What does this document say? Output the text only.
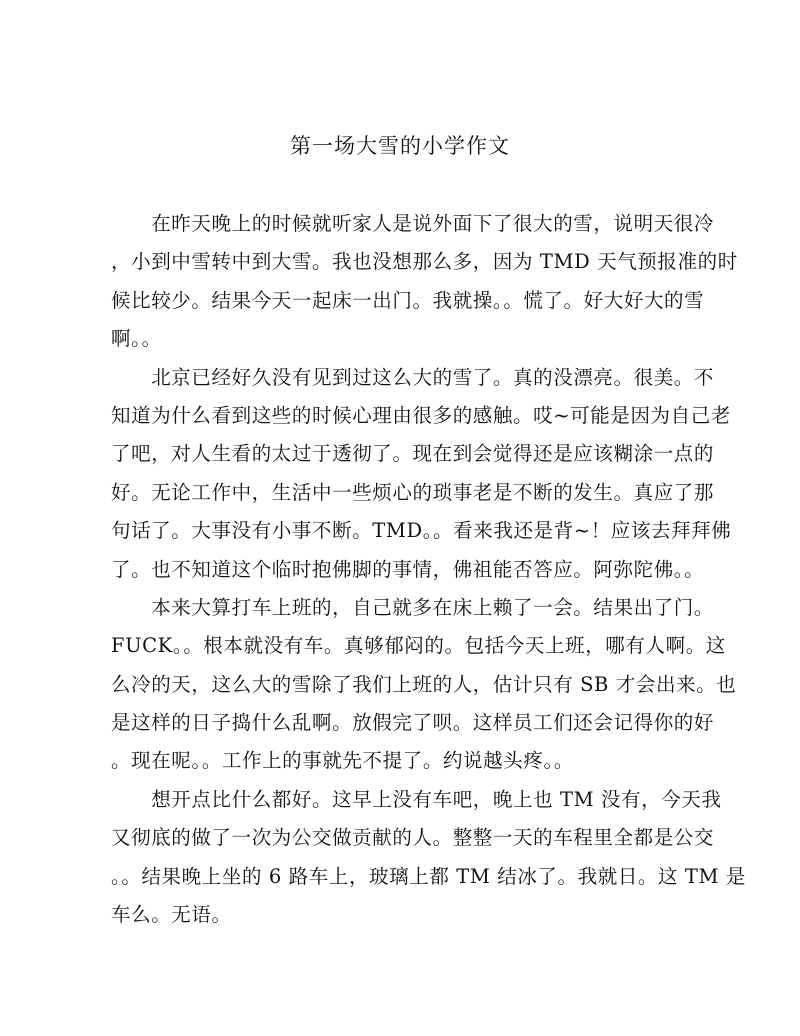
第一场大雪的小学作文
　　在昨天晚上的时候就听家人是说外面下了很大的雪，说明天很冷
，小到中雪转中到大雪。我也没想那么多，因为 TMD 天气预报准的时
候比较少。结果今天一起床一出门。我就操。。慌了。好大好大的雪
啊。。
　　北京已经好久没有见到过这么大的雪了。真的没漂亮。很美。不
知道为什么看到这些的时候心理由很多的感触。哎~可能是因为自己老
了吧，对人生看的太过于透彻了。现在到会觉得还是应该糊涂一点的
好。无论工作中，生活中一些烦心的琐事老是不断的发生。真应了那
句话了。大事没有小事不断。TMD。。看来我还是背~！应该去拜拜佛
了。也不知道这个临时抱佛脚的事情，佛祖能否答应。阿弥陀佛。。
　　本来大算打车上班的，自己就多在床上赖了一会。结果出了门。
FUCK。。根本就没有车。真够郁闷的。包括今天上班，哪有人啊。这
么冷的天，这么大的雪除了我们上班的人，估计只有 SB 才会出来。也
是这样的日子捣什么乱啊。放假完了呗。这样员工们还会记得你的好
。现在呢。。工作上的事就先不提了。约说越头疼。。
　　想开点比什么都好。这早上没有车吧，晚上也 TM 没有，今天我
又彻底的做了一次为公交做贡献的人。整整一天的车程里全都是公交
。。结果晚上坐的 6 路车上，玻璃上都 TM 结冰了。我就日。这 TM 是
车么。无语。
